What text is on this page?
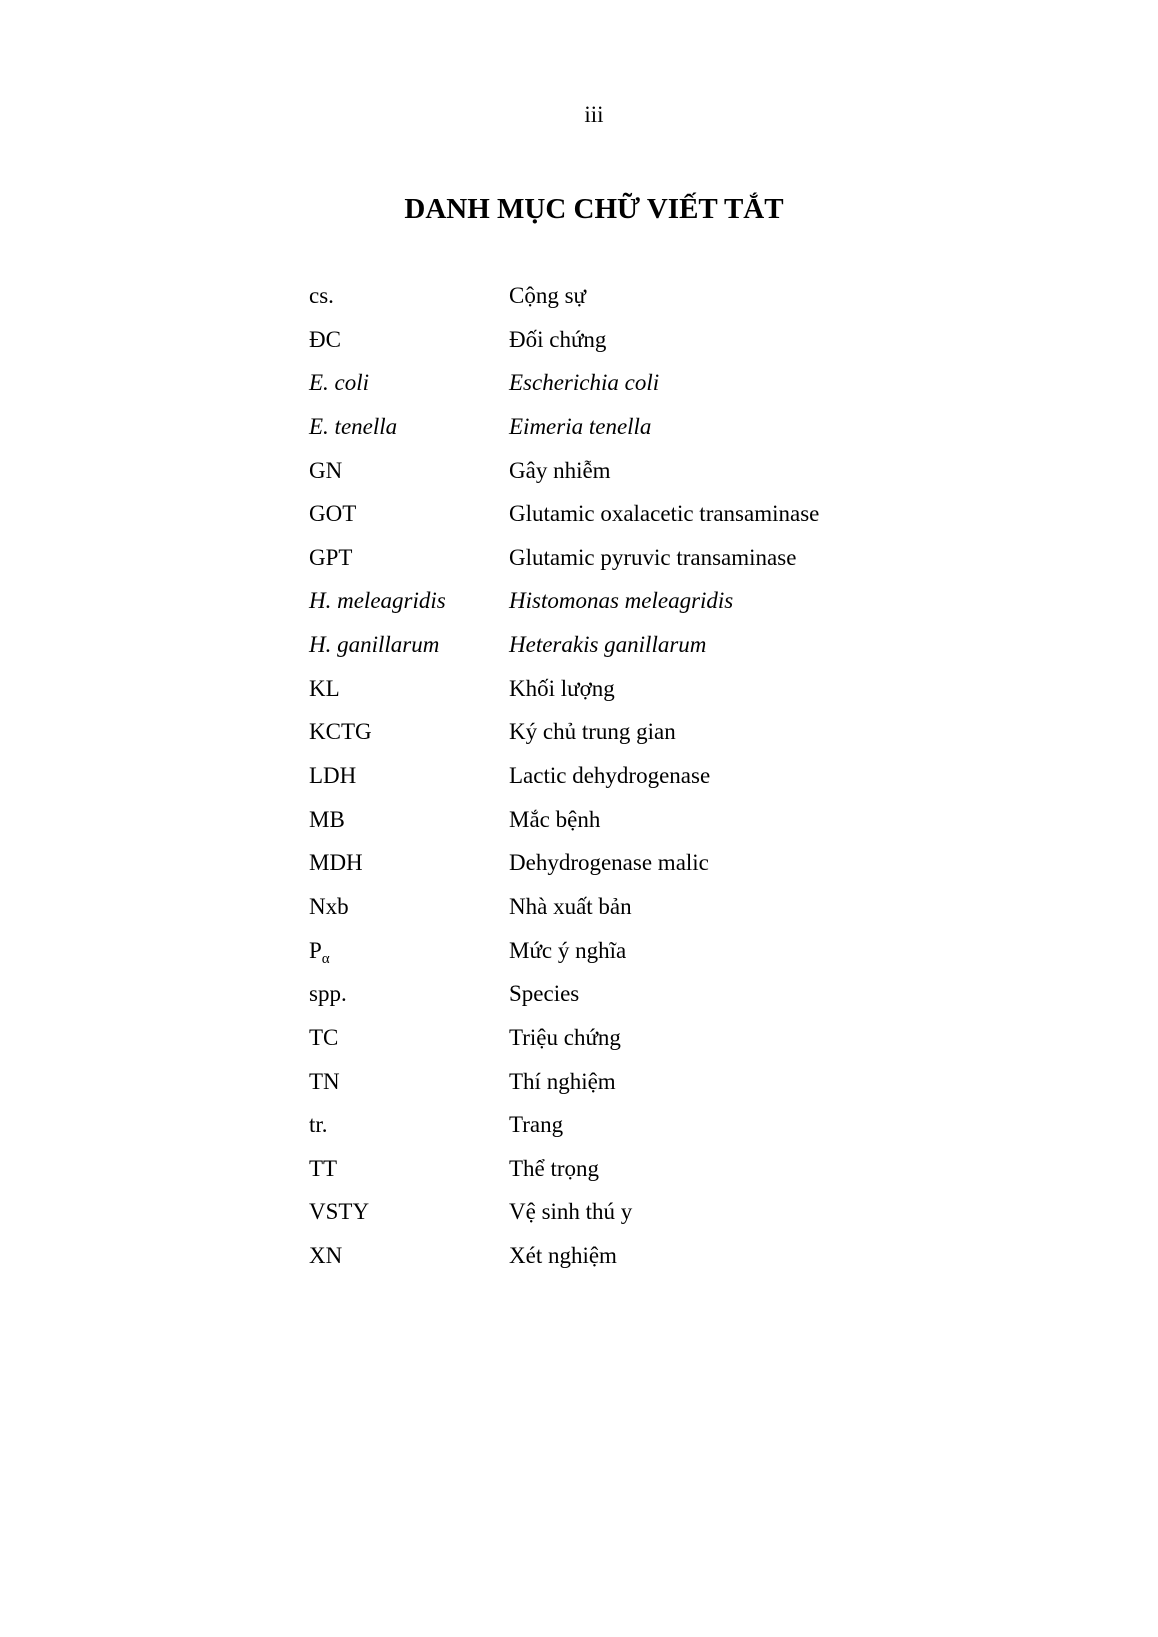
iii
DANH MỤC CHỮ VIẾT TẮT
cs.	Cộng sự
ĐC	Đối chứng
E. coli	Escherichia coli
E. tenella	Eimeria tenella
GN	Gây nhiễm
GOT	Glutamic oxalacetic transaminase
GPT	Glutamic pyruvic transaminase
H. meleagridis	Histomonas meleagridis
H. ganillarum	Heterakis ganillarum
KL	Khối lượng
KCTG	Ký chủ trung gian
LDH	Lactic dehydrogenase
MB	Mắc bệnh
MDH	Dehydrogenase malic
Nxb	Nhà xuất bản
$P_\alpha$	Mức ý nghĩa
spp.	Species
TC	Triệu chứng
TN	Thí nghiệm
tr.	Trang
TT	Thể trọng
VSTY	Vệ sinh thú y
XN	Xét nghiệm
